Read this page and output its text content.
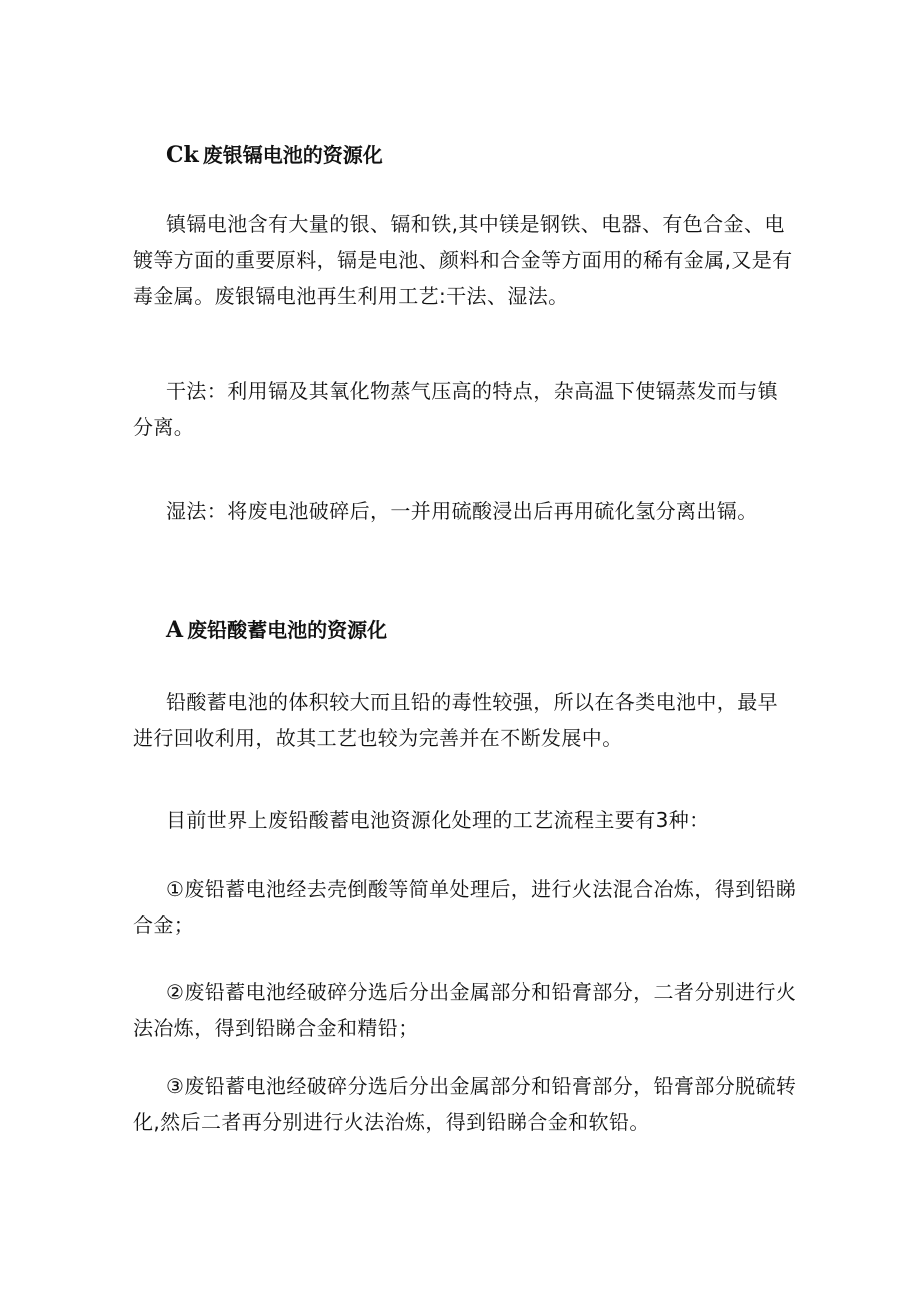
Ck 废银镉电池的资源化

镇镉电池含有大量的银、镉和铁,其中镁是钢铁、电器、有色合金、电镀等方面的重要原料，镉是电池、颜料和合金等方面用的稀有金属,又是有毒金属。废银镉电池再生利用工艺:干法、湿法。

干法：利用镉及其氧化物蒸气压高的特点，杂高温下使镉蒸发而与镇分离。

湿法：将废电池破碎后，一并用硫酸浸出后再用硫化氢分离出镉。

A 废铅酸蓄电池的资源化

铅酸蓄电池的体积较大而且铅的毒性较强，所以在各类电池中，最早进行回收利用，故其工艺也较为完善并在不断发展中。

目前世界上废铅酸蓄电池资源化处理的工艺流程主要有3种：

①废铅蓄电池经去壳倒酸等简单处理后，进行火法混合冶炼，得到铅睇合金；

②废铅蓄电池经破碎分选后分出金属部分和铅膏部分，二者分别进行火法冶炼，得到铅睇合金和精铅；

③废铅蓄电池经破碎分选后分出金属部分和铅膏部分，铅膏部分脱硫转化,然后二者再分别进行火法治炼，得到铅睇合金和软铅。
